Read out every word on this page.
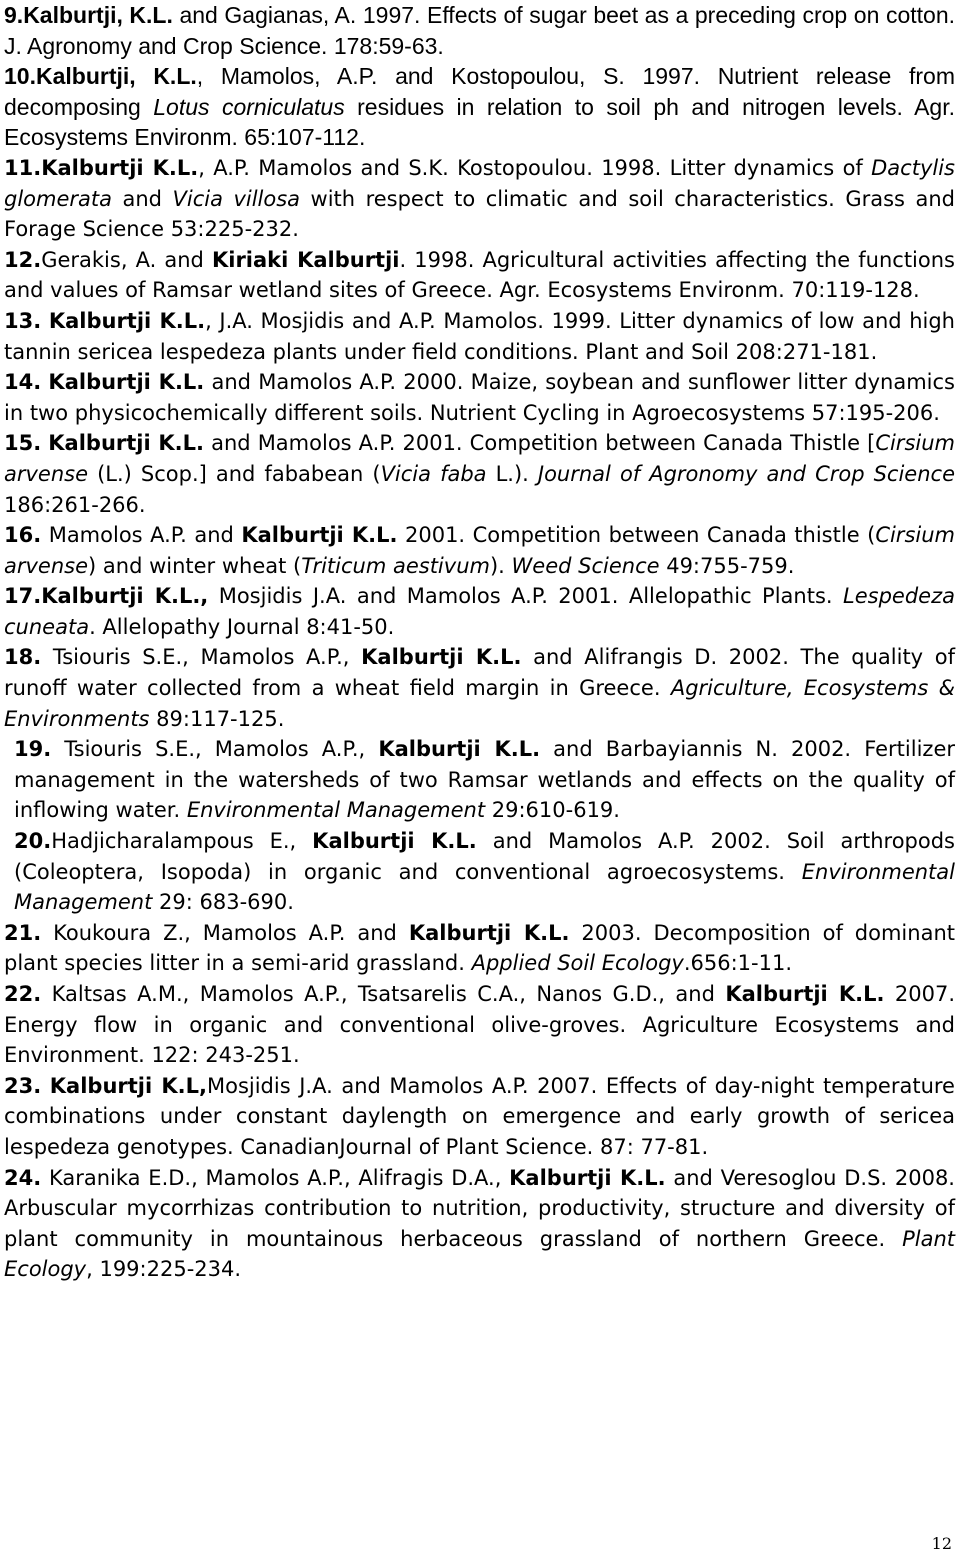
9.Kalburtji, K.L. and Gagianas, A. 1997. Effects of sugar beet as a preceding crop on cotton. J. Agronomy and Crop Science. 178:59-63.

10.Kalburtji, K.L., Mamolos, A.P. and Kostopoulou, S. 1997. Nutrient release from decomposing Lotus corniculatus residues in relation to soil ph and nitrogen levels. Agr. Ecosystems Environm. 65:107-112.

11.Kalburtji K.L., A.P. Mamolos and S.K. Kostopoulou. 1998. Litter dynamics of Dactylis glomerata and Vicia villosa with respect to climatic and soil characteristics. Grass and Forage Science 53:225-232.

12.Gerakis, A. and Kiriaki Kalburtji. 1998. Agricultural activities affecting the functions and values of Ramsar wetland sites of Greece. Agr. Ecosystems Environm. 70:119-128.

13. Kalburtji K.L., J.A. Mosjidis and A.P. Mamolos. 1999. Litter dynamics of low and high tannin sericea lespedeza plants under field conditions. Plant and Soil 208:271-181.

14. Kalburtji K.L. and Mamolos A.P. 2000. Maize, soybean and sunflower litter dynamics in two physicochemically different soils. Nutrient Cycling in Agroecosystems 57:195-206.

15. Kalburtji K.L. and Mamolos A.P. 2001. Competition between Canada Thistle [Cirsium arvense (L.) Scop.] and fababean (Vicia faba L.). Journal of Agronomy and Crop Science 186:261-266.

16. Mamolos A.P. and Kalburtji K.L. 2001. Competition between Canada thistle (Cirsium arvense) and winter wheat (Triticum aestivum). Weed Science 49:755-759.

17.Kalburtji K.L., Mosjidis J.A. and Mamolos A.P. 2001. Allelopathic Plants. Lespedeza cuneata. Allelopathy Journal 8:41-50.

18. Tsiouris S.E., Mamolos A.P., Kalburtji K.L. and Alifrangis D. 2002. The quality of runoff water collected from a wheat field margin in Greece. Agriculture, Ecosystems & Environments 89:117-125.

19. Tsiouris S.E., Mamolos A.P., Kalburtji K.L. and Barbayiannis N. 2002. Fertilizer management in the watersheds of two Ramsar wetlands and effects on the quality of inflowing water. Environmental Management 29:610-619.

20.Hadjicharalampous E., Kalburtji K.L. and Mamolos A.P. 2002. Soil arthropods (Coleoptera, Isopoda) in organic and conventional agroecosystems. Environmental Management 29: 683-690.

21. Koukoura Z., Mamolos A.P. and Kalburtji K.L. 2003. Decomposition of dominant plant species litter in a semi-arid grassland. Applied Soil Ecology.656:1-11.

22. Kaltsas A.M., Mamolos A.P., Tsatsarelis C.A., Nanos G.D., and Kalburtji K.L. 2007. Energy flow in organic and conventional olive-groves. Agriculture Ecosystems and Environment. 122: 243-251.

23. Kalburtji K.L,Mosjidis J.A. and Mamolos A.P. 2007. Effects of day-night temperature combinations under constant daylength on emergence and early growth of sericea lespedeza genotypes. CanadianJournal of Plant Science. 87: 77-81.

24. Karanika E.D., Mamolos A.P., Alifragis D.A., Kalburtji K.L. and Veresoglou D.S. 2008. Arbuscular mycorrhizas contribution to nutrition, productivity, structure and diversity of plant community in mountainous herbaceous grassland of northern Greece. Plant Ecology, 199:225-234.

12
